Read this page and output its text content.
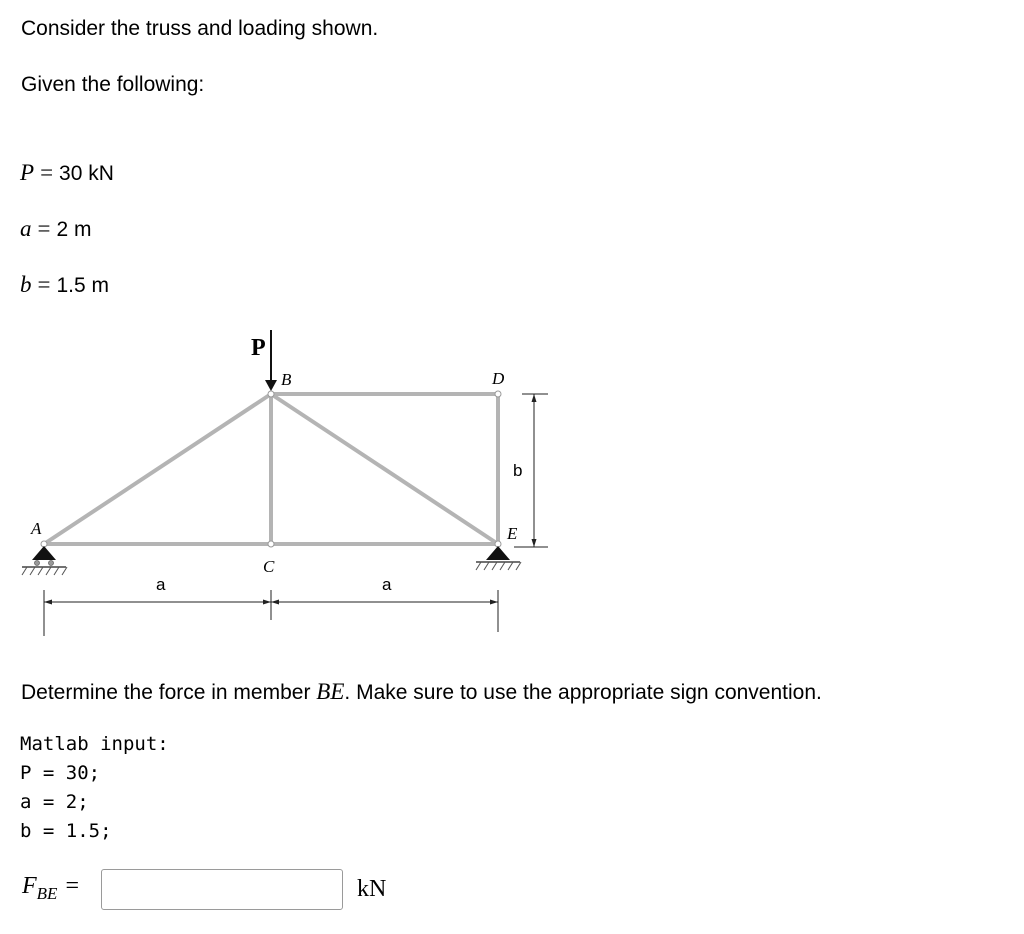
Consider the truss and loading shown.
Given the following:
P = 30 kN
a = 2 m
b = 1.5 m
P
A
B
C
D
E
a	a
b
Determine the force in member BE. Make sure to use the appropriate sign convention.
Matlab input:
P = 30;
a = 2;
b = 1.5;
$F_{BE}$ =	kN
